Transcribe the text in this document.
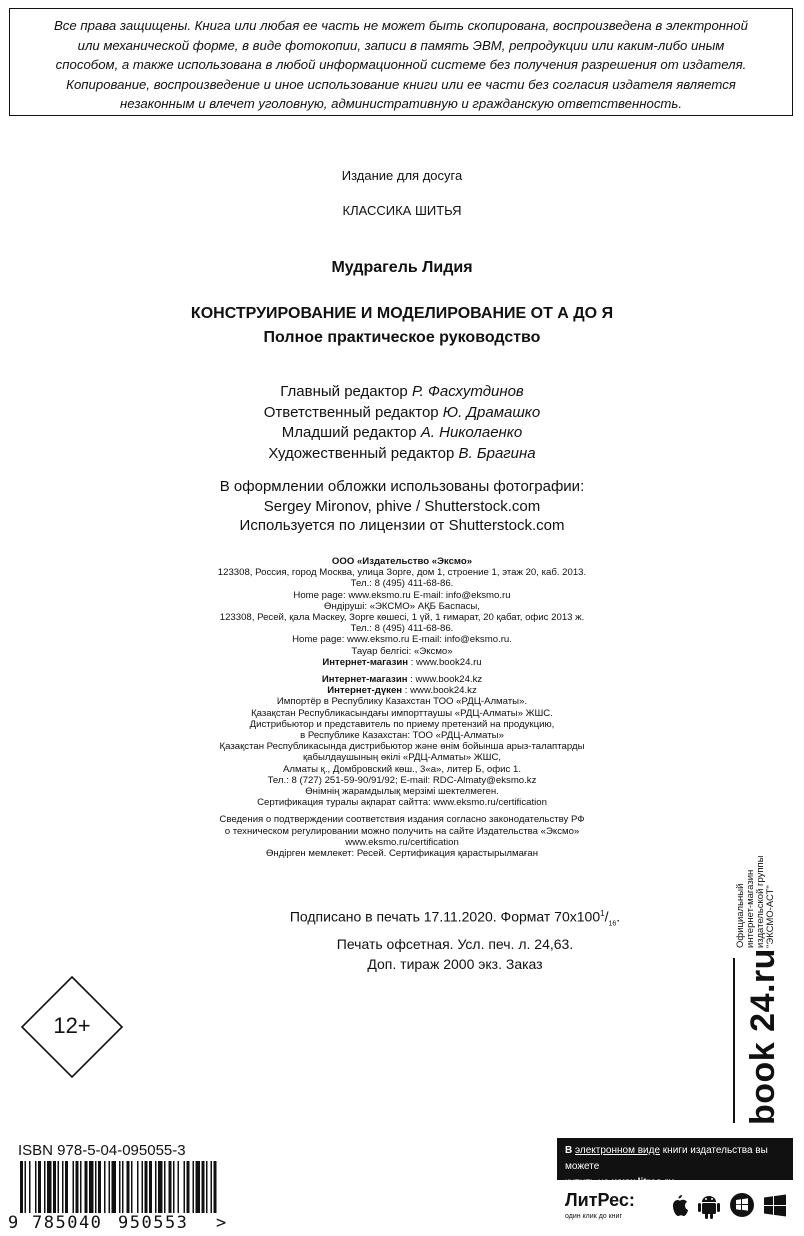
Все права защищены. Книга или любая ее часть не может быть скопирована, воспроизведена в электронной
или механической форме, в виде фотокопии, записи в память ЭВМ, репродукции или каким-либо иным
способом, а также использована в любой информационной системе без получения разрешения от издателя.
Копирование, воспроизведение и иное использование книги или ее части без согласия издателя является
незаконным и влечет уголовную, административную и гражданскую ответственность.
Издание для досуга
КЛАССИКА ШИТЬЯ
Мудрагель Лидия
КОНСТРУИРОВАНИЕ И МОДЕЛИРОВАНИЕ ОТ А ДО Я
Полное практическое руководство
Главный редактор Р. Фасхутдинов
Ответственный редактор Ю. Драмашко
Младший редактор А. Николаенко
Художественный редактор В. Брагина
В оформлении обложки использованы фотографии:
Sergey Mironov, phive / Shutterstock.com
Используется по лицензии от Shutterstock.com
ООО «Издательство «Эксмо»
123308, Россия, город Москва, улица Зорге, дом 1, строение 1, этаж 20, каб. 2013.
Тел.: 8 (495) 411-68-86.
Home page: www.eksmo.ru E-mail: info@eksmo.ru
Өндіруші: «ЭКСМО» АҚБ Баспасы,
123308, Ресей, қала Мәскеу, Зорге көшесі, 1 үй, 1 ғимарат, 20 қабат, офис 2013 ж.
Тел.: 8 (495) 411-68-86.
Home page: www.eksmo.ru E-mail: info@eksmo.ru.
Тауар белгісі: «Эксмо»
Интернет-магазин : www.book24.ru
Интернет-магазин : www.book24.kz
Интернет-дүкен : www.book24.kz
Импортёр в Республику Казахстан ТОО «РДЦ-Алматы».
Қазақстан Республикасындағы импорттаушы «РДЦ-Алматы» ЖШС.
Дистрибьютор и представитель по приему претензий на продукцию,
в Республике Казахстан: ТОО «РДЦ-Алматы»
Қазақстан Республикасында дистрибьютор және өнім бойынша арыз-талаптарды
қабылдаушының өкілі «РДЦ-Алматы» ЖШС,
Алматы қ., Домбровский көш., 3«а», литер Б, офис 1.
Тел.: 8 (727) 251-59-90/91/92; E-mail: RDC-Almaty@eksmo.kz
Өнімнің жарамдылық мерзімі шектелмеген.
Сертификация туралы ақпарат сайтта: www.eksmo.ru/certification
Сведения о подтверждении соответствия издания согласно законодательству РФ
о техническом регулировании можно получить на сайте Издательства «Эксмо»
www.eksmo.ru/certification
Өндірген мемлекет: Ресей. Сертификация қарастырылмаған
Подписано в печать 17.11.2020. Формат $70x100^1/_{16}$.
Печать офсетная. Усл. печ. л. 24,63.
Доп. тираж 2000 экз. Заказ
Официальный интернет-магазин издательской группы "ЭКСМО-АСТ"
book 24.ru
12+
ISBN 978-5-04-095055-3
9 785040 950553 >
В электронном виде книги издательства вы можете
купить на www.litres.ru
ЛитРес:
один клик до книг
